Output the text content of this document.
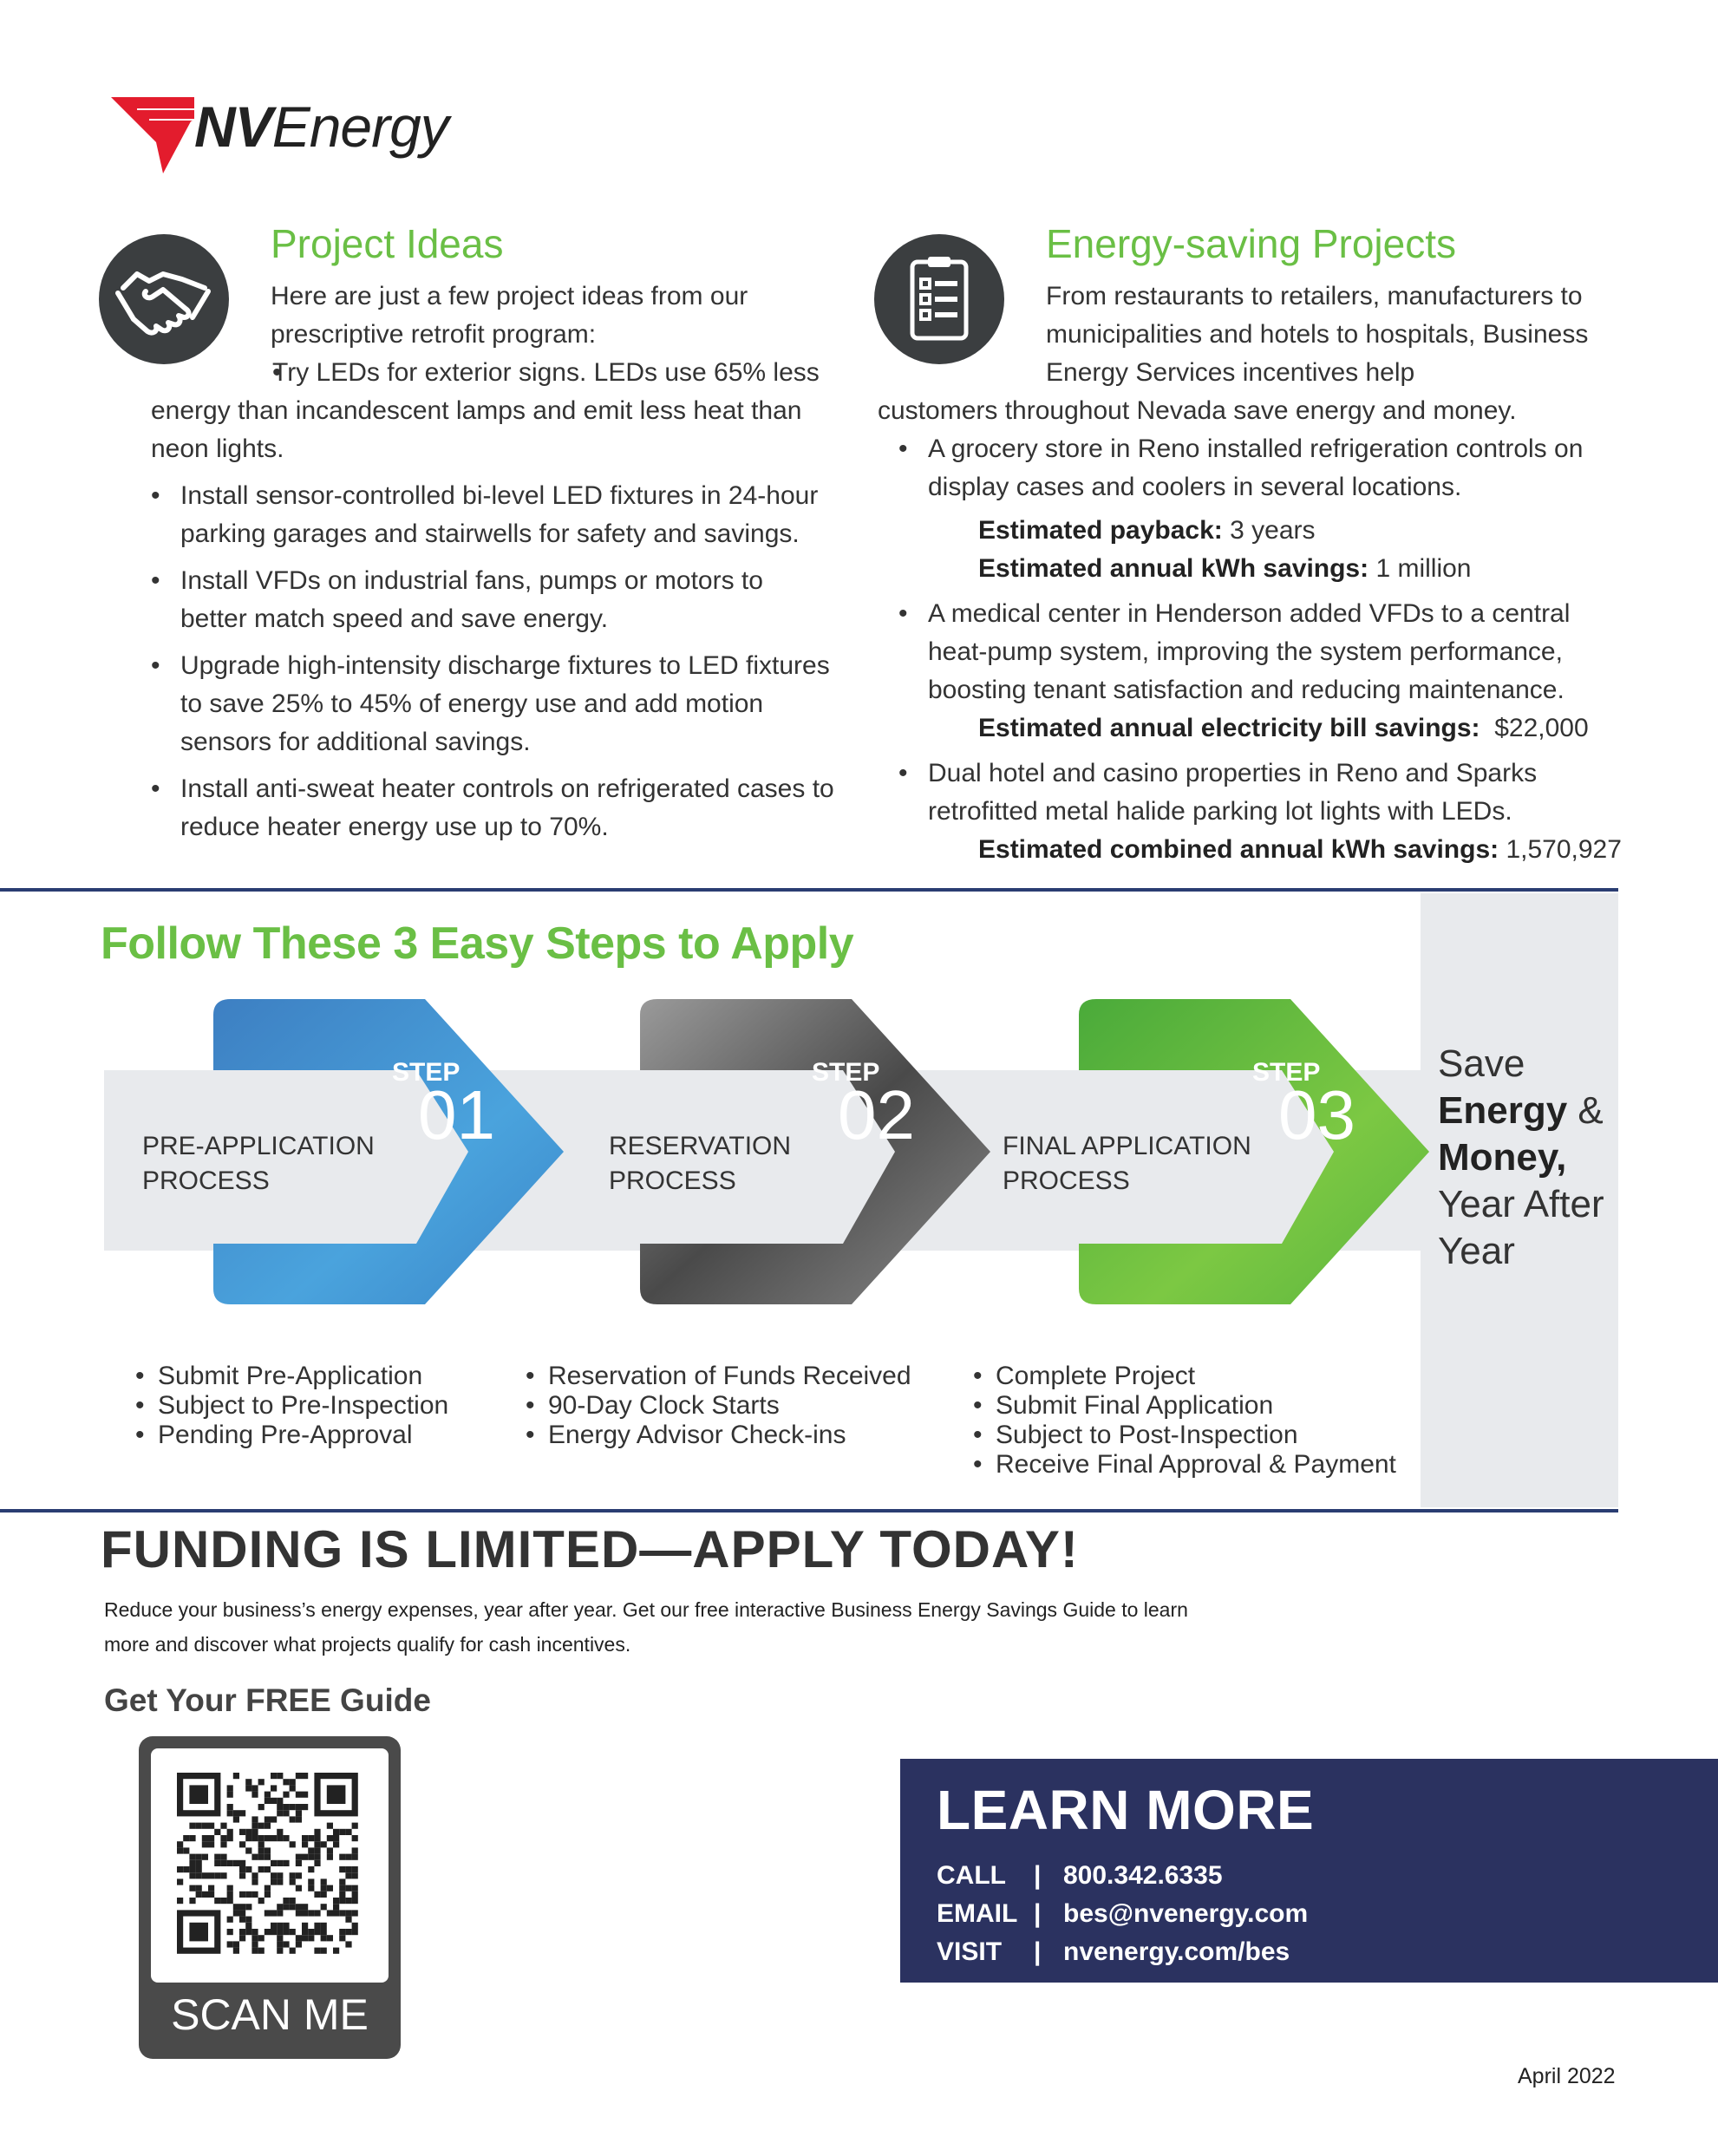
NVEnergy
Project Ideas
Here are just a few project ideas from our prescriptive retrofit program:
• Try LEDs for exterior signs. LEDs use 65% less energy than incandescent lamps and emit less heat than neon lights.
• Install sensor-controlled bi-level LED fixtures in 24-hour parking garages and stairwells for safety and savings.
• Install VFDs on industrial fans, pumps or motors to better match speed and save energy.
• Upgrade high-intensity discharge fixtures to LED fixtures to save 25% to 45% of energy use and add motion sensors for additional savings.
• Install anti-sweat heater controls on refrigerated cases to reduce heater energy use up to 70%.
Energy-saving Projects
From restaurants to retailers, manufacturers to municipalities and hotels to hospitals, Business Energy Services incentives help
customers throughout Nevada save energy and money.
• A grocery store in Reno installed refrigeration controls on display cases and coolers in several locations.
Estimated payback: 3 years
Estimated annual kWh savings: 1 million
• A medical center in Henderson added VFDs to a central heat-pump system, improving the system performance, boosting tenant satisfaction and reducing maintenance.
Estimated annual electricity bill savings: $22,000
• Dual hotel and casino properties in Reno and Sparks retrofitted metal halide parking lot lights with LEDs.
Estimated combined annual kWh savings: 1,570,927
Follow These 3 Easy Steps to Apply
STEP
01
STEP
02
STEP
03
PRE-APPLICATION
PROCESS
RESERVATION
PROCESS
FINAL APPLICATION
PROCESS
Save
Energy &
Money,
Year After
Year
• Submit Pre-Application
• Subject to Pre-Inspection
• Pending Pre-Approval
• Reservation of Funds Received
• 90-Day Clock Starts
• Energy Advisor Check-ins
• Complete Project
• Submit Final Application
• Subject to Post-Inspection
• Receive Final Approval & Payment
FUNDING IS LIMITED—APPLY TODAY!
Reduce your business’s energy expenses, year after year. Get our free interactive Business Energy Savings Guide to learn more and discover what projects qualify for cash incentives.
Get Your FREE Guide
SCAN ME
LEARN MORE
CALL | 800.342.6335
EMAIL | bes@nvenergy.com
VISIT | nvenergy.com/bes
April 2022
